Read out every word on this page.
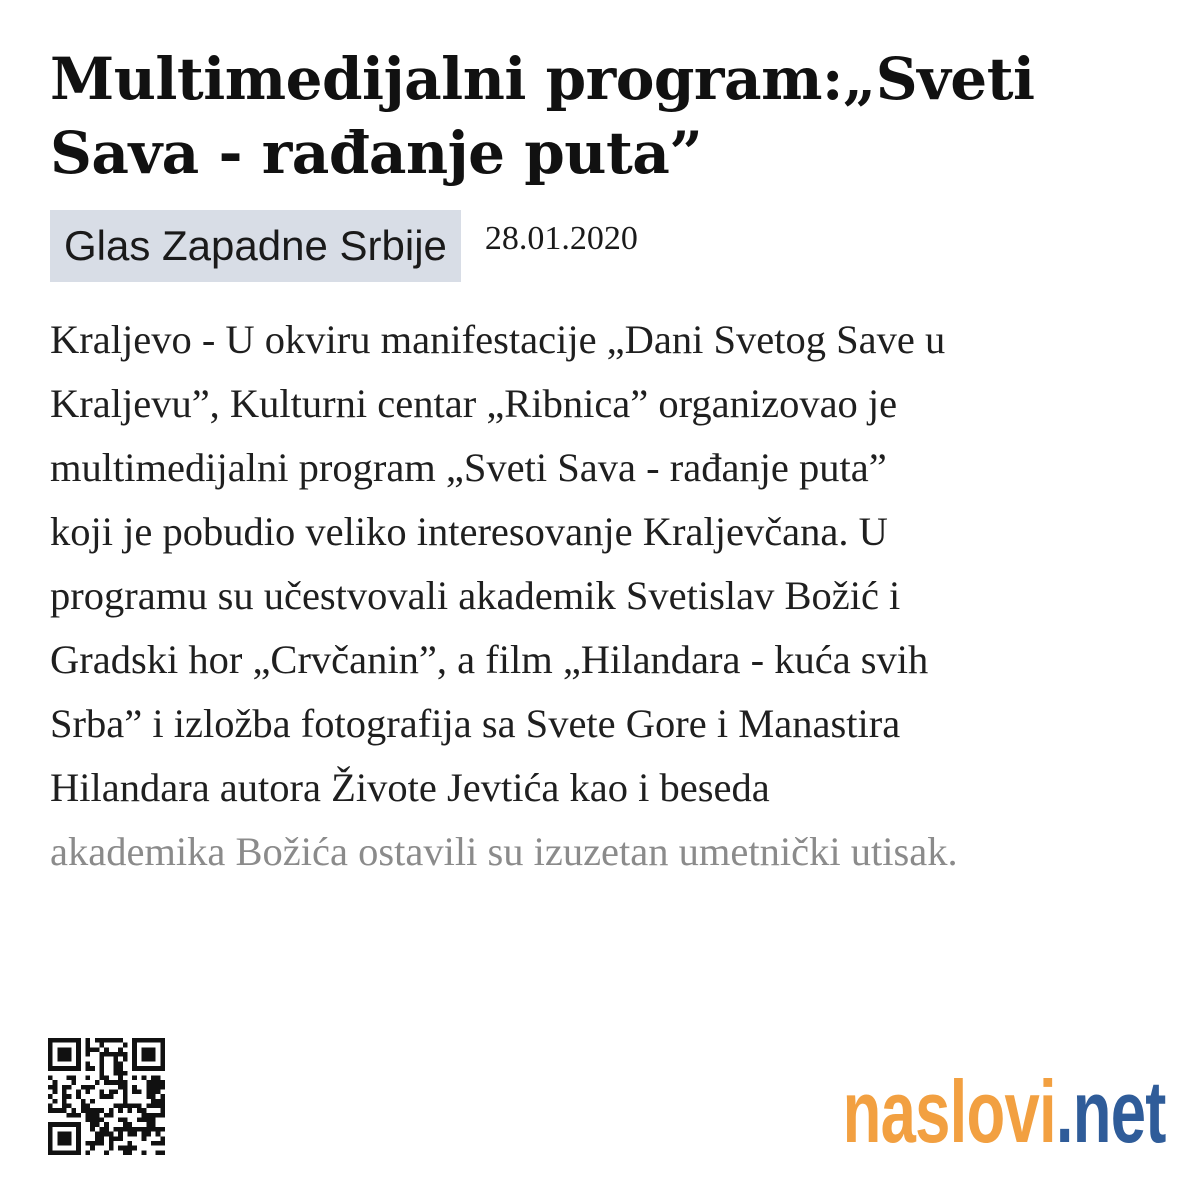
Multimedijalni program:„Sveti
Sava - rađanje puta”
Glas Zapadne Srbije	28.01.2020
Kraljevo - U okviru manifestacije „Dani Svetog Save u
Kraljevu”, Kulturni centar „Ribnica” organizovao je
multimedijalni program „Sveti Sava - rađanje puta”
koji je pobudio veliko interesovanje Kraljevčana. U
programu su učestvovali akademik Svetislav Božić i
Gradski hor „Crvčanin”, a film „Hilandara - kuća svih
Srba” i izložba fotografija sa Svete Gore i Manastira
Hilandara autora Živote Jevtića kao i beseda
akademika Božića ostavili su izuzetan umetnički utisak.
naslovi.net
